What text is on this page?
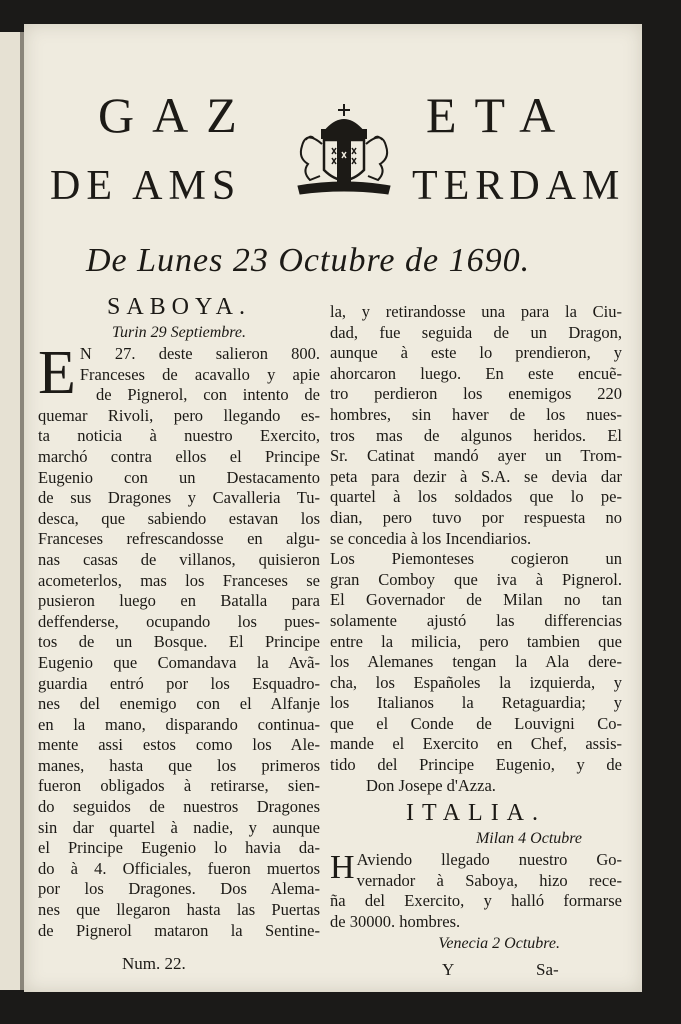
GAZ	ETA
DE AMS	TERDAM
De Lunes 23 Octubre de 1690.
SABOYA.
Turin 29 Septiembre.
E N 27. deste salieron 800.
Franceses de acavallo y apie
de Pignerol, con intento de
quemar Rivoli, pero llegando es-
ta noticia à nuestro Exercito,
marchó contra ellos el Principe
Eugenio con un Destacamento
de sus Dragones y Cavalleria Tu-
desca, que sabiendo estavan los
Franceses refrescandosse en algu-
nas casas de villanos, quisieron
acometerlos, mas los Franceses se
pusieron luego en Batalla para
deffenderse, ocupando los pues-
tos de un Bosque. El Principe
Eugenio que Comandava la Avã-
guardia entró por los Esquadro-
nes del enemigo con el Alfanje
en la mano, disparando continua-
mente assi estos como los Ale-
manes, hasta que los primeros
fueron obligados à retirarse, sien-
do seguidos de nuestros Dragones
sin dar quartel à nadie, y aunque
el Principe Eugenio lo havia da-
do à 4. Officiales, fueron muertos
por los Dragones. Dos Alema-
nes que llegaron hasta las Puertas
de Pignerol mataron la Sentine-
la, y retirandosse una para la Ciu-
dad, fue seguida de un Dragon,
aunque à este lo prendieron, y
ahorcaron luego. En este encuẽ-
tro perdieron los enemigos 220
hombres, sin haver de los nues-
tros mas de algunos heridos. El
Sr. Catinat mandó ayer un Trom-
peta para dezir à S.A. se devia dar
quartel à los soldados que lo pe-
dian, pero tuvo por respuesta no
se concedia à los Incendiarios.
Los Piemonteses cogieron un
gran Comboy que iva à Pignerol.
El Governador de Milan no tan
solamente ajustó las differencias
entre la milicia, pero tambien que
los Alemanes tengan la Ala dere-
cha, los Españoles la izquierda, y
los Italianos la Retaguardia; y
que el Conde de Louvigni Co-
mande el Exercito en Chef, assis-
tido del Principe Eugenio, y de
Don Josepe d'Azza.
ITALIA.
Milan 4 Octubre
H Aviendo llegado nuestro Go-
vernador à Saboya, hizo rece-
ña del Exercito, y halló formarse
de 30000. hombres.
Venecia 2 Octubre.
Num. 22.	Y	Sa-
